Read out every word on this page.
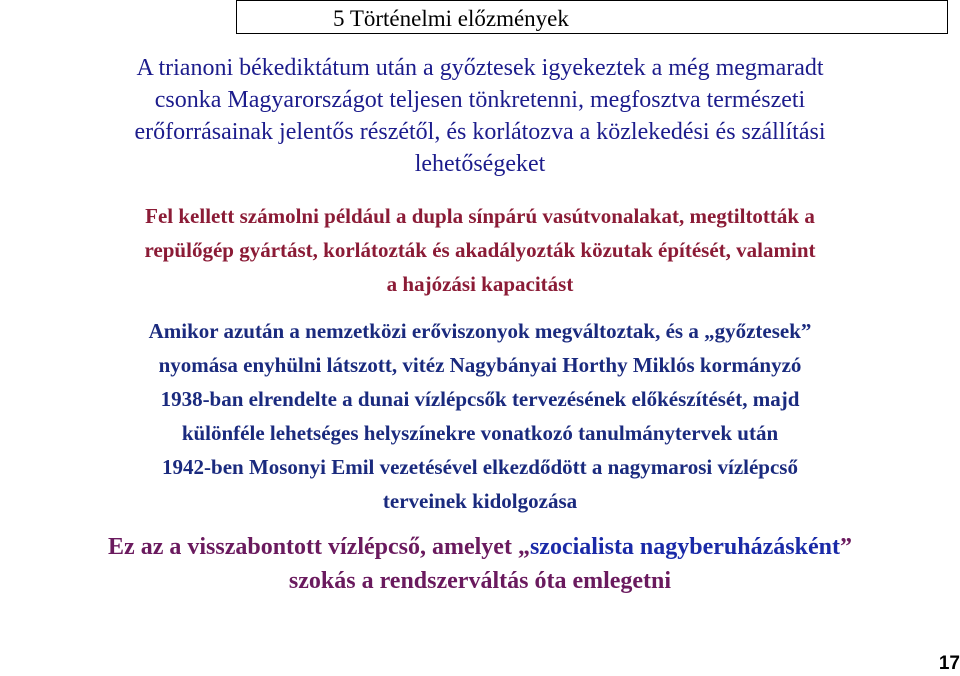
5 Történelmi előzmények
A trianoni békediktátum után a győztesek igyekeztek a még megmaradt
csonka Magyarországot teljesen tönkretenni, megfosztva természeti
erőforrásainak jelentős részétől, és korlátozva a közlekedési és szállítási
lehetőségeket
Fel kellett számolni például a dupla sínpárú vasútvonalakat, megtiltották a
repülőgép gyártást, korlátozták és akadályozták közutak építését, valamint
a hajózási kapacitást
Amikor azután a nemzetközi erőviszonyok megváltoztak, és a „győztesek”
nyomása enyhülni látszott, vitéz Nagybányai Horthy Miklós kormányzó
1938-ban elrendelte a dunai vízlépcsők tervezésének előkészítését, majd
különféle lehetséges helyszínekre vonatkozó tanulmánytervek után
1942-ben Mosonyi Emil vezetésével elkezdődött a nagymarosi vízlépcső
terveinek kidolgozása
Ez az a visszabontott vízlépcső, amelyet „szocialista nagyberuházásként”
szokás a rendszerváltás óta emlegetni
17
